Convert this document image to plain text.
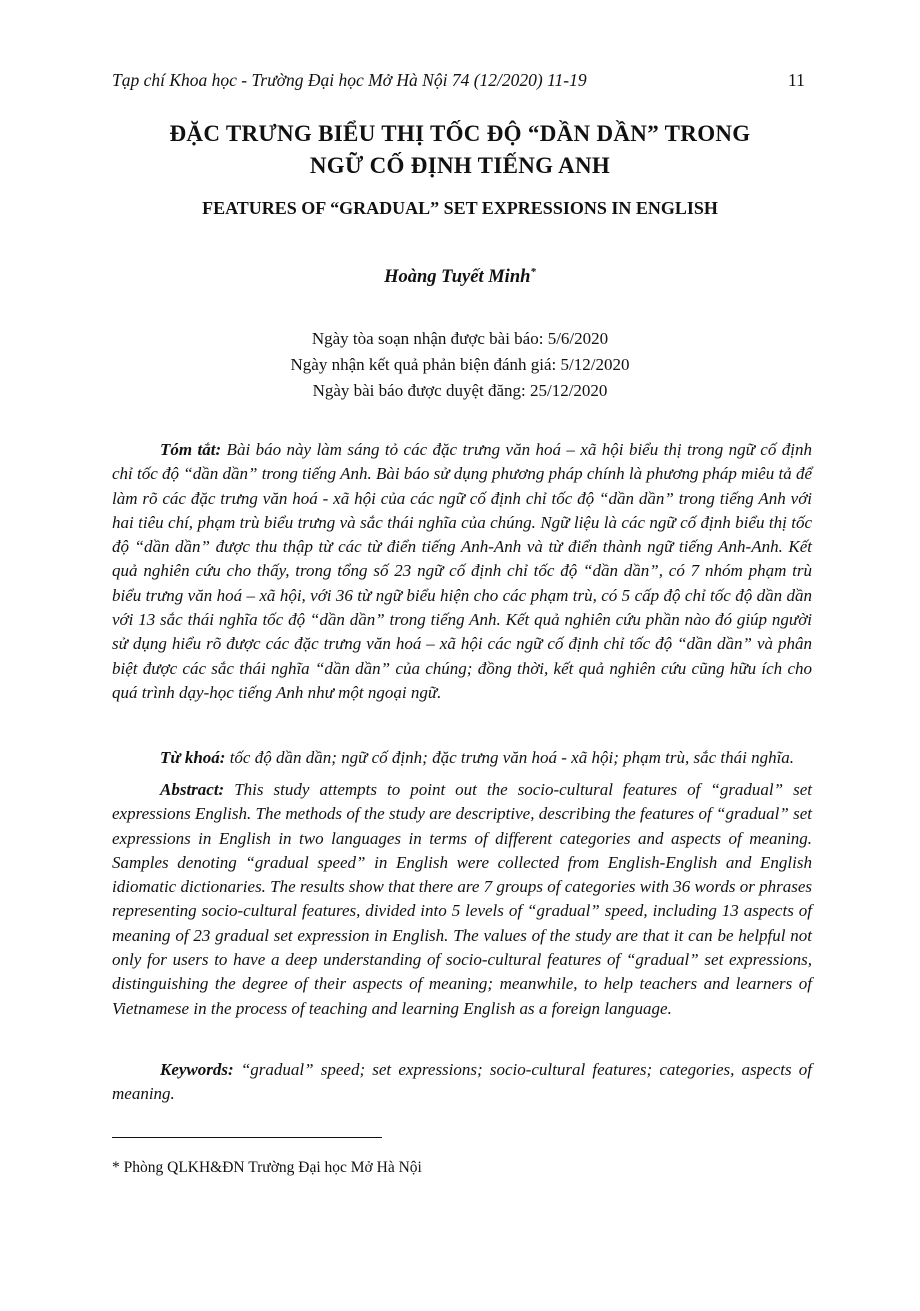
Tạp chí Khoa học - Trường Đại học Mở Hà Nội 74 (12/2020) 11-19	11
ĐẶC TRƯNG BIỂU THỊ TỐC ĐỘ “DẦN DẦN” TRONG
NGỮ CỐ ĐỊNH TIẾNG ANH
FEATURES OF “GRADUAL” SET EXPRESSIONS IN ENGLISH
Hoàng Tuyết Minh*
Ngày tòa soạn nhận được bài báo: 5/6/2020
Ngày nhận kết quả phản biện đánh giá: 5/12/2020
Ngày bài báo được duyệt đăng: 25/12/2020
Tóm tắt: Bài báo này làm sáng tỏ các đặc trưng văn hoá – xã hội biểu thị trong ngữ cố định chỉ tốc độ “dần dần” trong tiếng Anh. Bài báo sử dụng phương pháp chính là phương pháp miêu tả để làm rõ các đặc trưng văn hoá - xã hội của các ngữ cố định chỉ tốc độ “dần dần” trong tiếng Anh với hai tiêu chí, phạm trù biểu trưng và sắc thái nghĩa của chúng. Ngữ liệu là các ngữ cố định biểu thị tốc độ “dần dần” được thu thập từ các từ điển tiếng Anh-Anh và từ điển thành ngữ tiếng Anh-Anh. Kết quả nghiên cứu cho thấy, trong tổng số 23 ngữ cố định chỉ tốc độ “dần dần”, có 7 nhóm phạm trù biểu trưng văn hoá – xã hội, với 36 từ ngữ biểu hiện cho các phạm trù, có 5 cấp độ chỉ tốc độ dần dần với 13 sắc thái nghĩa tốc độ “dần dần” trong tiếng Anh. Kết quả nghiên cứu phần nào đó giúp người sử dụng hiểu rõ được các đặc trưng văn hoá – xã hội các ngữ cố định chỉ tốc độ “dần dần” và phân biệt được các sắc thái nghĩa “dần dần” của chúng; đồng thời, kết quả nghiên cứu cũng hữu ích cho quá trình dạy-học tiếng Anh như một ngoại ngữ.
Từ khoá: tốc độ dần dần; ngữ cố định; đặc trưng văn hoá - xã hội; phạm trù, sắc thái nghĩa.
Abstract: This study attempts to point out the socio-cultural features of “gradual” set expressions English. The methods of the study are descriptive, describing the features of “gradual” set expressions in English in two languages in terms of different categories and aspects of meaning. Samples denoting “gradual speed” in English were collected from English-English and English idiomatic dictionaries. The results show that there are 7 groups of categories with 36 words or phrases representing socio-cultural features, divided into 5 levels of “gradual” speed, including 13 aspects of meaning of 23 gradual set expression in English. The values of the study are that it can be helpful not only for users to have a deep understanding of socio-cultural features of “gradual” set expressions, distinguishing the degree of their aspects of meaning; meanwhile, to help teachers and learners of Vietnamese in the process of teaching and learning English as a foreign language.
Keywords: “gradual” speed; set expressions; socio-cultural features; categories, aspects of meaning.
* Phòng QLKH&ĐN Trường Đại học Mở Hà Nội
